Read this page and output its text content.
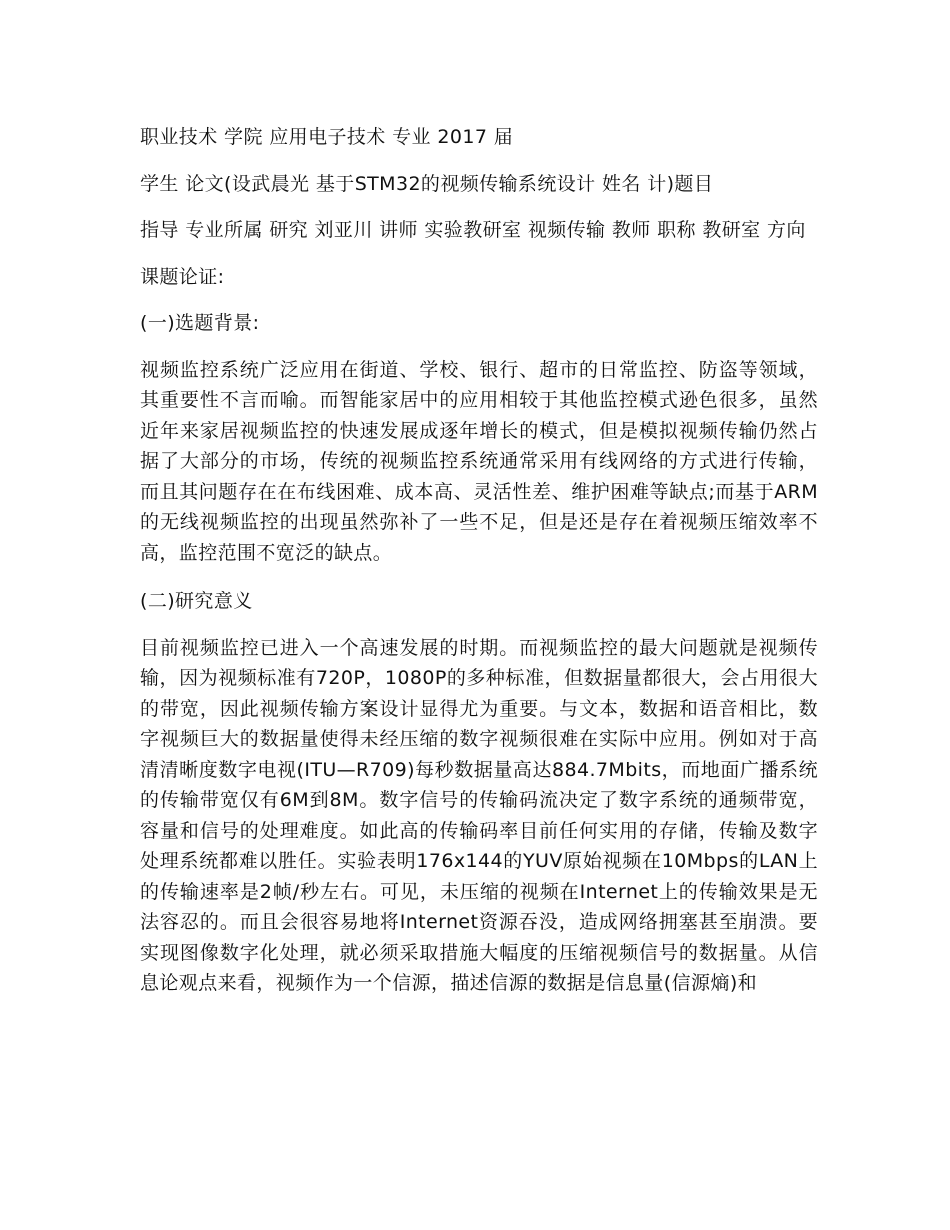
职业技术 学院 应用电子技术 专业 2017 届

学生 论文(设武晨光 基于STM32的视频传输系统设计 姓名 计)题目

指导 专业所属 研究 刘亚川 讲师 实验教研室 视频传输 教师 职称 教研室 方向

课题论证:

(一)选题背景:

视频监控系统广泛应用在街道、学校、银行、超市的日常监控、防盗等领域，其重要性不言而喻。而智能家居中的应用相较于其他监控模式逊色很多，虽然近年来家居视频监控的快速发展成逐年增长的模式，但是模拟视频传输仍然占据了大部分的市场，传统的视频监控系统通常采用有线网络的方式进行传输，而且其问题存在在布线困难、成本高、灵活性差、维护困难等缺点;而基于ARM的无线视频监控的出现虽然弥补了一些不足，但是还是存在着视频压缩效率不高，监控范围不宽泛的缺点。

(二)研究意义

目前视频监控已进入一个高速发展的时期。而视频监控的最大问题就是视频传输，因为视频标准有720P，1080P的多种标准，但数据量都很大，会占用很大的带宽，因此视频传输方案设计显得尤为重要。与文本，数据和语音相比，数字视频巨大的数据量使得未经压缩的数字视频很难在实际中应用。例如对于高清清晰度数字电视(ITU—R709)每秒数据量高达884.7Mbits，而地面广播系统的传输带宽仅有6M到8M。数字信号的传输码流决定了数字系统的通频带宽，容量和信号的处理难度。如此高的传输码率目前任何实用的存储，传输及数字处理系统都难以胜任。实验表明176x144的YUV原始视频在10Mbps的LAN上的传输速率是2帧/秒左右。可见，未压缩的视频在Internet上的传输效果是无法容忍的。而且会很容易地将Internet资源吞没，造成网络拥塞甚至崩溃。要实现图像数字化处理，就必须采取措施大幅度的压缩视频信号的数据量。从信息论观点来看，视频作为一个信源，描述信源的数据是信息量(信源熵)和
